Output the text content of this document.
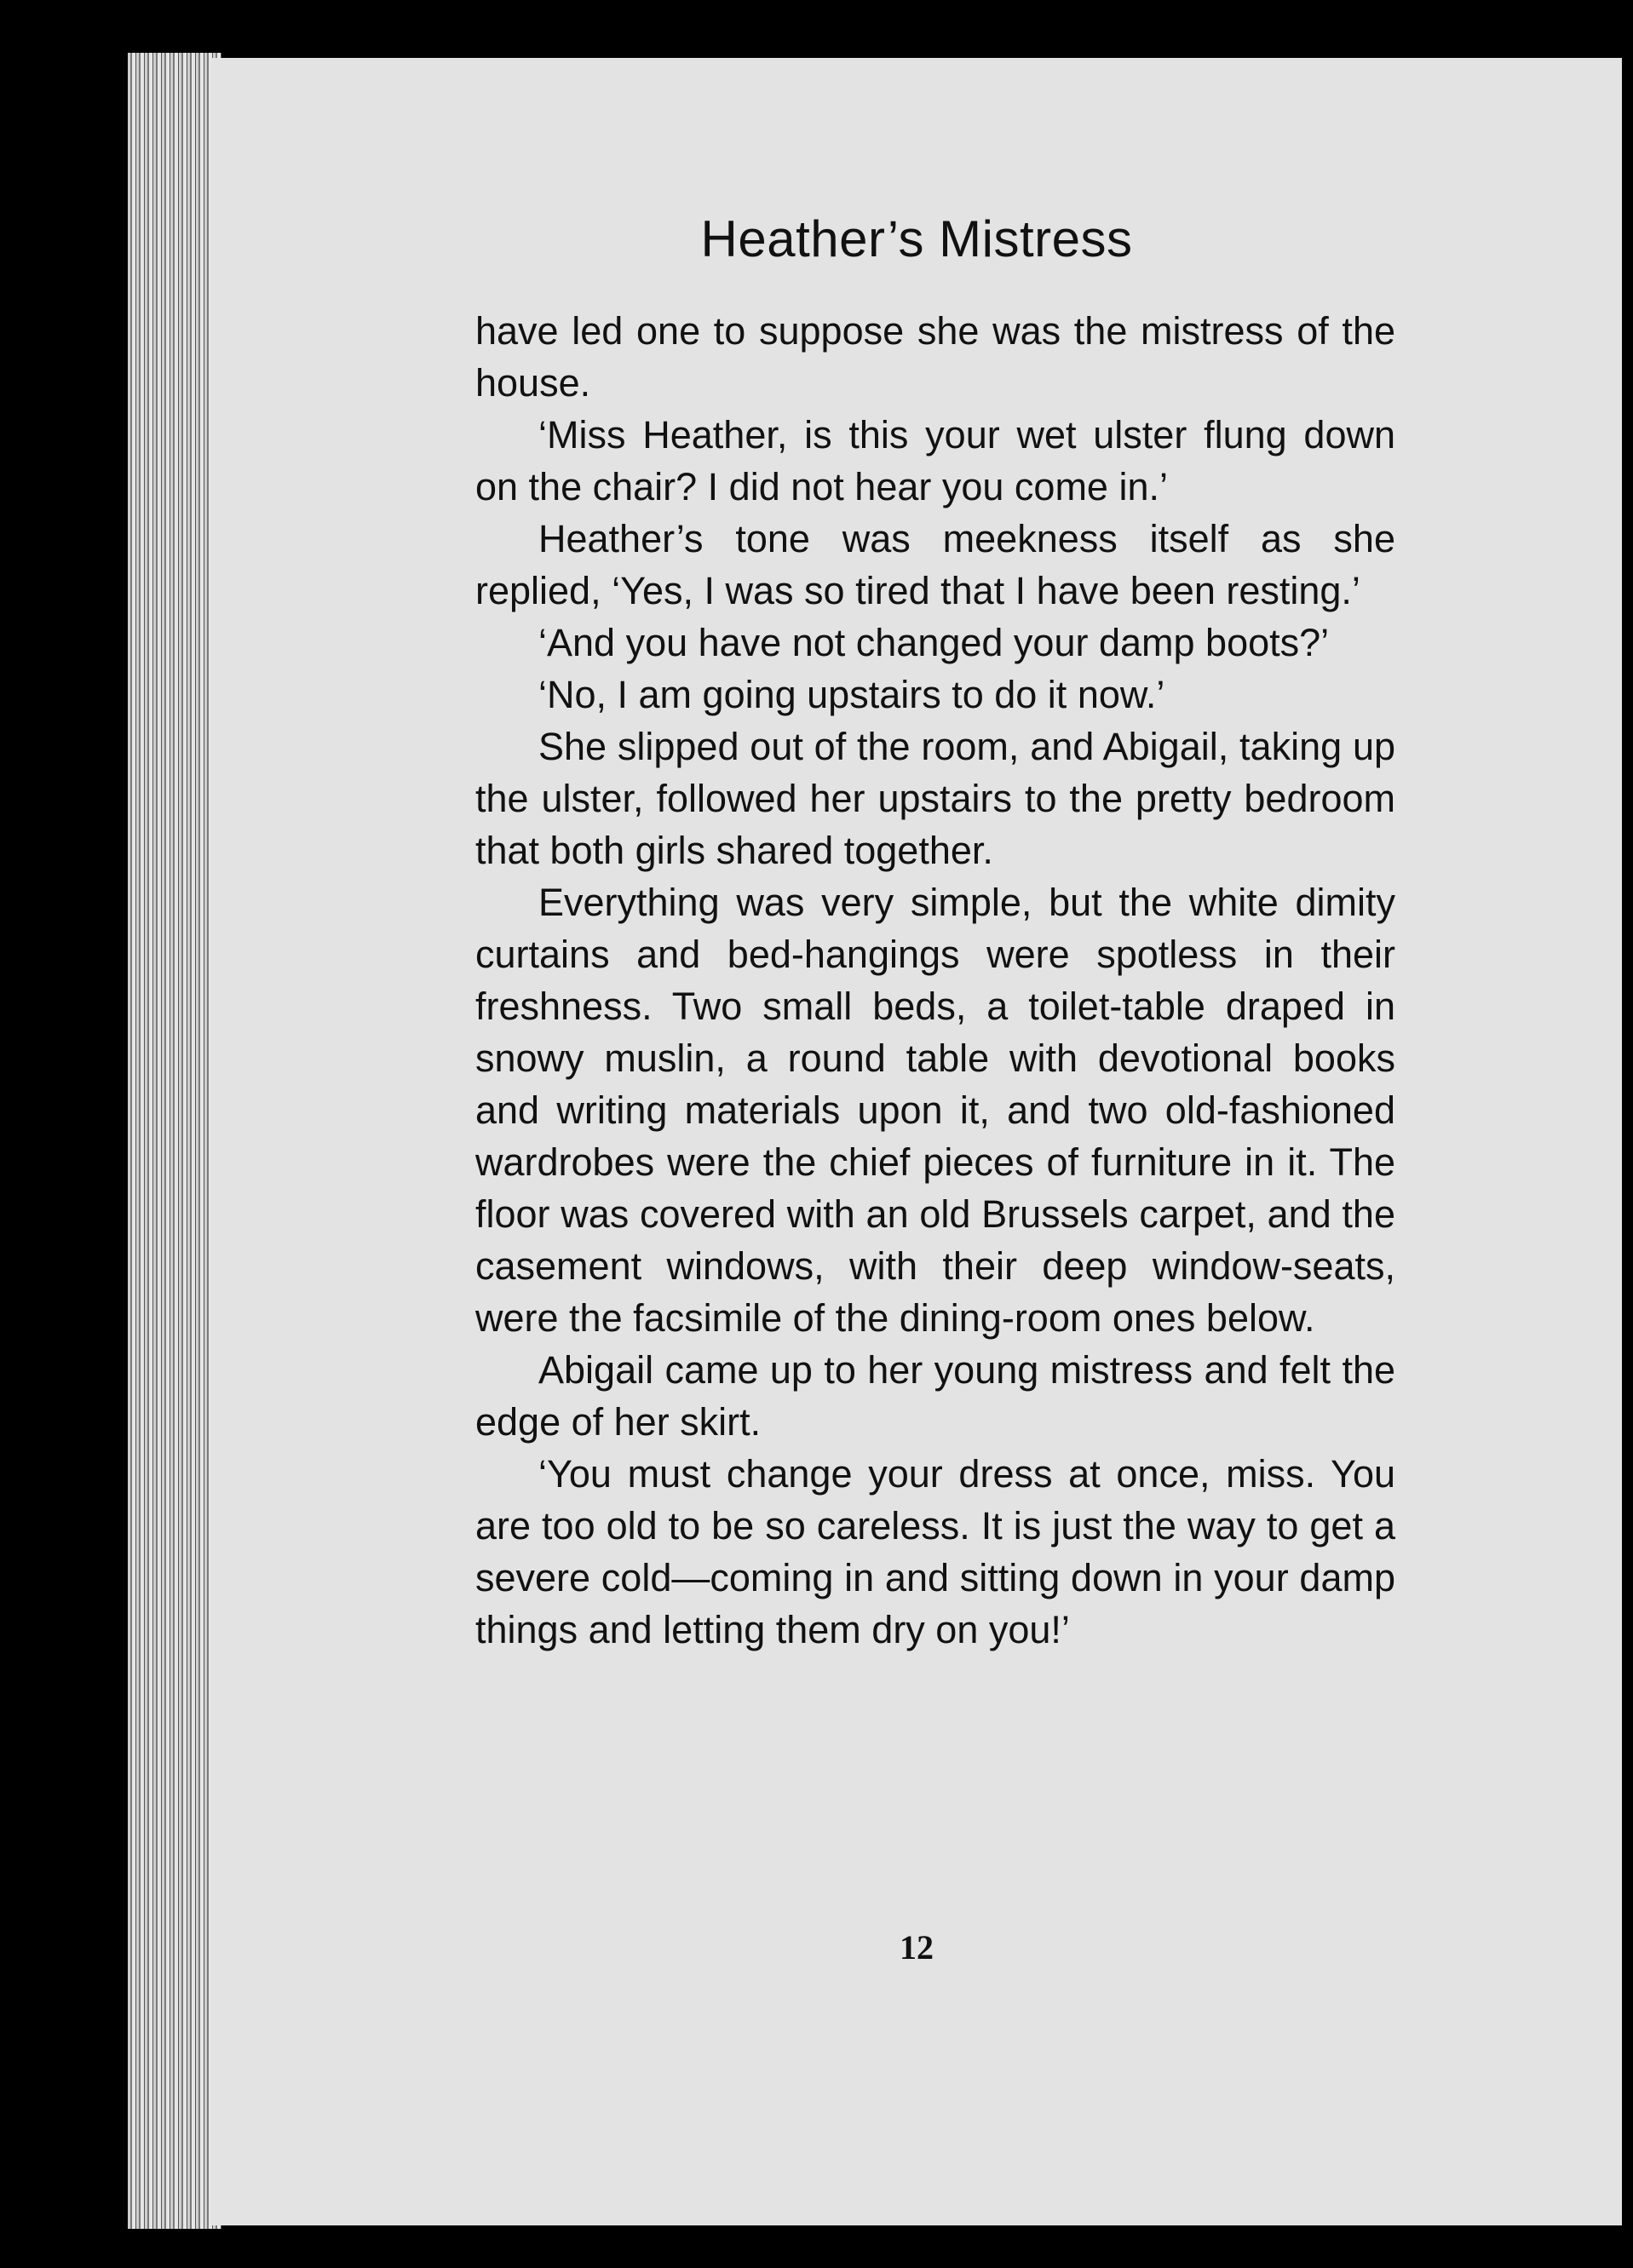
Heather’s Mistress

have led one to suppose she was the mistress of the house.

‘Miss Heather, is this your wet ulster flung down on the chair? I did not hear you come in.’

Heather’s tone was meekness itself as she replied, ‘Yes, I was so tired that I have been resting.’

‘And you have not changed your damp boots?’

‘No, I am going upstairs to do it now.’

She slipped out of the room, and Abigail, taking up the ulster, followed her upstairs to the pretty bedroom that both girls shared together.

Everything was very simple, but the white dimity curtains and bed-hangings were spotless in their freshness. Two small beds, a toilet-table draped in snowy muslin, a round table with devotional books and writing materials upon it, and two old-fashioned wardrobes were the chief pieces of furniture in it. The floor was covered with an old Brussels carpet, and the casement windows, with their deep window-seats, were the facsimile of the dining-room ones below.

Abigail came up to her young mistress and felt the edge of her skirt.

‘You must change your dress at once, miss. You are too old to be so careless. It is just the way to get a severe cold—coming in and sitting down in your damp things and letting them dry on you!’

12
